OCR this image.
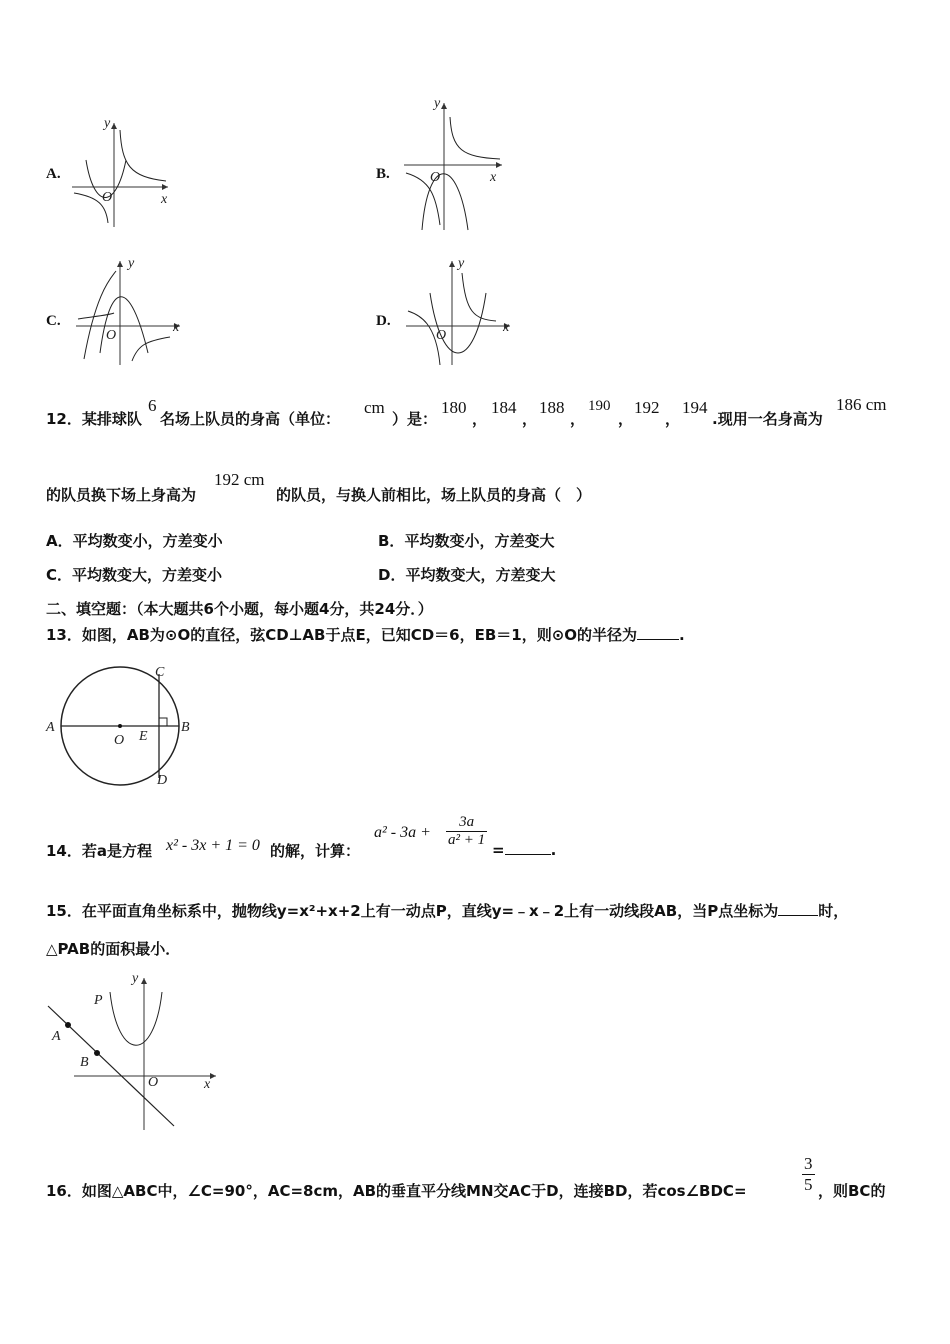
A.
y
x
O
B.
y
x
O
C.
y
x
O
D.
y
x
O
12．某排球队
6
名场上队员的身高（单位：
cm
）是：
180
，
184
，
188
，
190
，
192
，
194
.现用一名身高为
186 cm
的队员换下场上身高为
192 cm
的队员，与换人前相比，场上队员的身高（　）
A．平均数变小，方差变小	B．平均数变小，方差变大
C．平均数变大，方差变小	D．平均数变大，方差变大
二、填空题：（本大题共6个小题，每小题4分，共24分．）
13．如图，AB为⊙O的直径，弦CD⊥AB于点E，已知CD＝6，EB＝1，则⊙O的半径为	.
A	B
C
D
E
O
14．若a是方程 x² - 3x + 1 = 0 的解，计算：
$a^2 - 3a + \frac{3a}{\text{a² + 1}}$
=	.
15．在平面直角坐标系中，抛物线y=x²+x+2上有一动点P，直线y=﹣x﹣2上有一动线段AB，当P点坐标为	时，
△PAB的面积最小．
y
x
O
P
A
B
16．如图△ABC中，∠C=90°，AC=8cm，AB的垂直平分线MN交AC于D，连接BD，若cos∠BDC=	$\frac{3}{5}$ ，则BC的
